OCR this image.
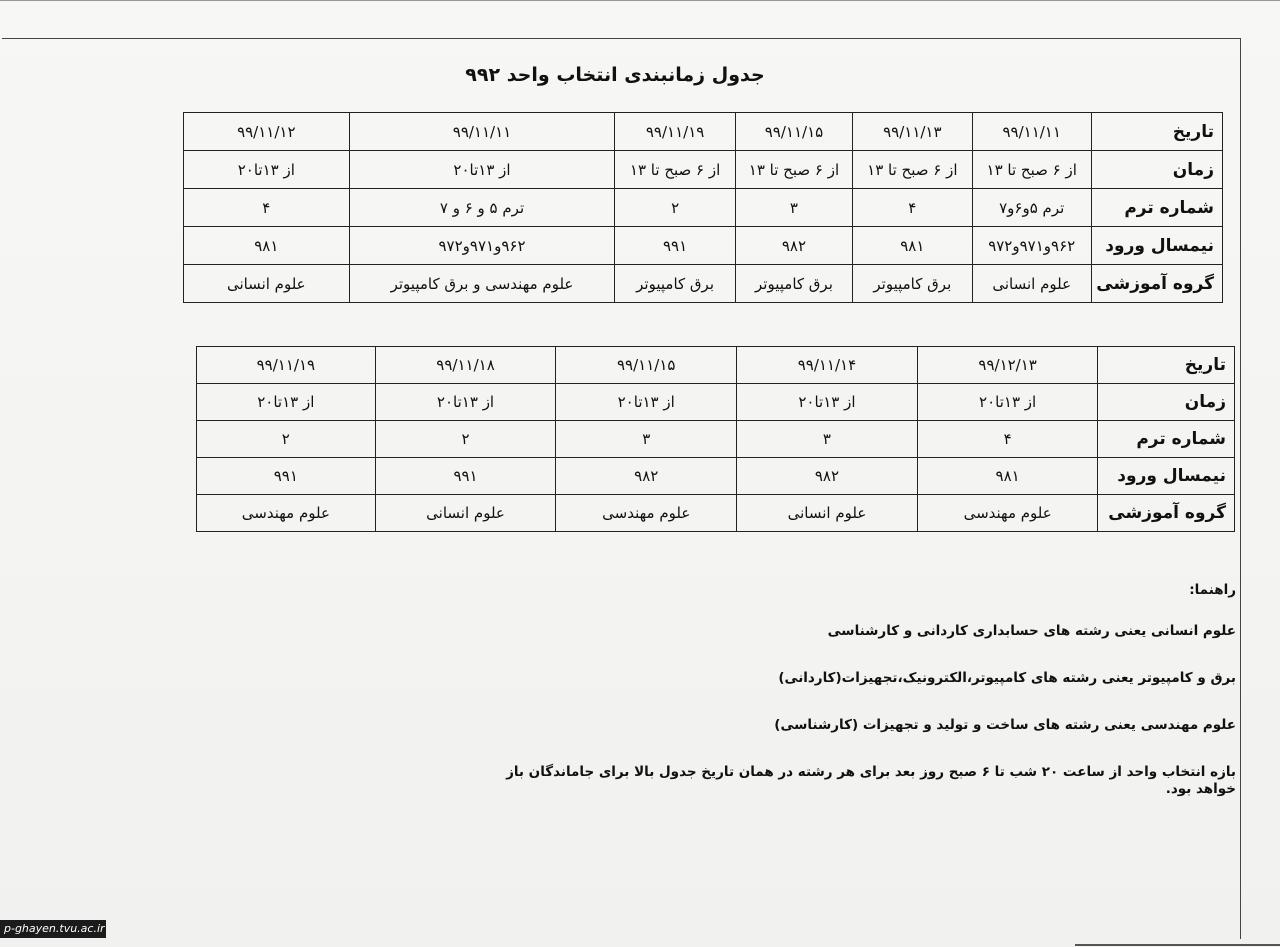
جدول زمانبندی انتخاب واحد ۹۹۲
تاریخ	۹۹/۱۱/۱۱	۹۹/۱۱/۱۳	۹۹/۱۱/۱۵	۹۹/۱۱/۱۹	۹۹/۱۱/۱۱	۹۹/۱۱/۱۲
زمان	از ۶ صبح تا ۱۳	از ۶ صبح تا ۱۳	از ۶ صبح تا ۱۳	از ۶ صبح تا ۱۳	از ۱۳تا۲۰	از ۱۳تا۲۰
شماره ترم	ترم ۵و۶و۷	۴	۳	۲	ترم ۵ و ۶ و ۷	۴
نیمسال ورود	۹۶۲و۹۷۱و۹۷۲	۹۸۱	۹۸۲	۹۹۱	۹۶۲و۹۷۱و۹۷۲	۹۸۱
گروه آموزشی	علوم انسانی	برق کامپیوتر	برق کامپیوتر	برق کامپیوتر	علوم مهندسی و برق کامپیوتر	علوم انسانی
تاریخ	۹۹/۱۲/۱۳	۹۹/۱۱/۱۴	۹۹/۱۱/۱۵	۹۹/۱۱/۱۸	۹۹/۱۱/۱۹
زمان	از ۱۳تا۲۰	از ۱۳تا۲۰	از ۱۳تا۲۰	از ۱۳تا۲۰	از ۱۳تا۲۰
شماره ترم	۴	۳	۳	۲	۲
نیمسال ورود	۹۸۱	۹۸۲	۹۸۲	۹۹۱	۹۹۱
گروه آموزشی	علوم مهندسی	علوم انسانی	علوم مهندسی	علوم انسانی	علوم مهندسی

راهنما:

علوم انسانی یعنی رشته های حسابداری کاردانی و کارشناسی

برق و کامپیوتر یعنی رشته های کامپیوتر،الکترونیک،تجهیزات(کاردانی)

علوم مهندسی یعنی رشته های ساخت و تولید و تجهیزات (کارشناسی)

بازه انتخاب واحد از ساعت ۲۰ شب تا ۶ صبح روز بعد برای هر رشته در همان تاریخ جدول بالا برای جاماندگان باز خواهد بود.

p-ghayen.tvu.ac.ir
